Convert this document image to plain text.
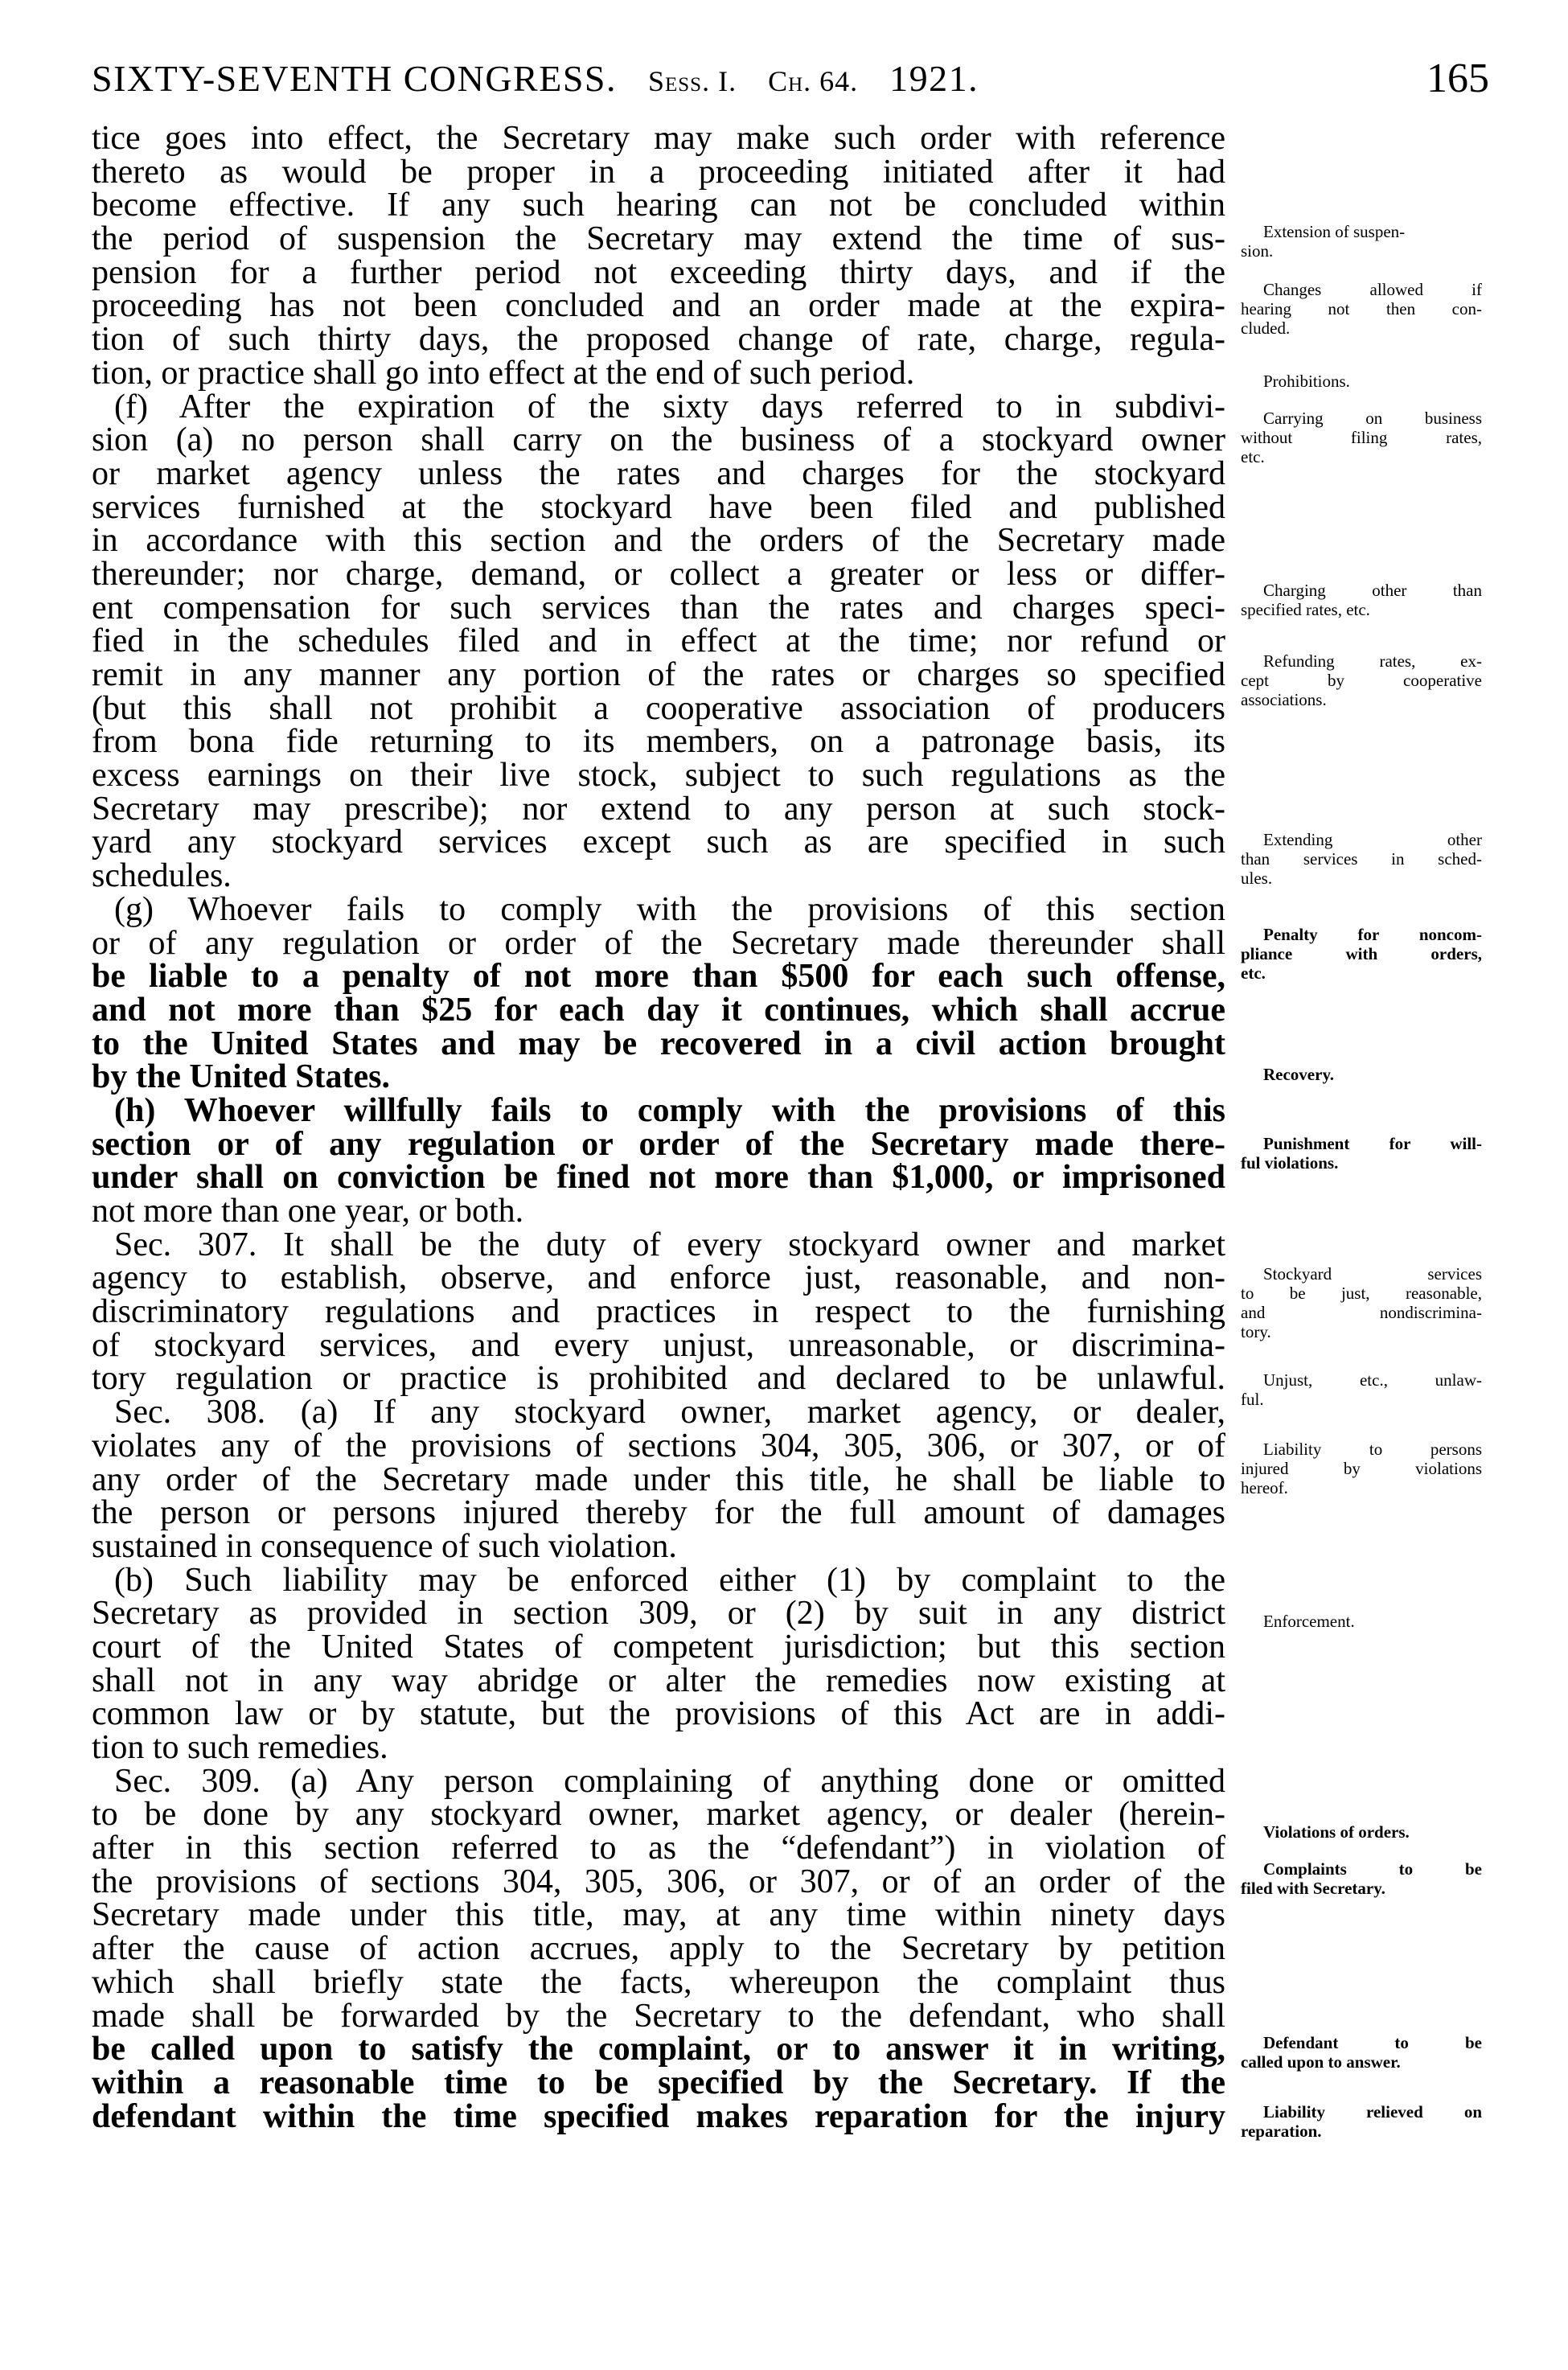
SIXTY-SEVENTH CONGRESS. Sess. I. Ch. 64. 1921.	165
tice goes into effect, the Secretary may make such order with reference
thereto as would be proper in a proceeding initiated after it had
become effective. If any such hearing can not be concluded within
the period of suspension the Secretary may extend the time of sus-
pension for a further period not exceeding thirty days, and if the
proceeding has not been concluded and an order made at the expira-
tion of such thirty days, the proposed change of rate, charge, regula-
tion, or practice shall go into effect at the end of such period.
(f) After the expiration of the sixty days referred to in subdivi-
sion (a) no person shall carry on the business of a stockyard owner
or market agency unless the rates and charges for the stockyard
services furnished at the stockyard have been filed and published
in accordance with this section and the orders of the Secretary made
thereunder; nor charge, demand, or collect a greater or less or differ-
ent compensation for such services than the rates and charges speci-
fied in the schedules filed and in effect at the time; nor refund or
remit in any manner any portion of the rates or charges so specified
(but this shall not prohibit a cooperative association of producers
from bona fide returning to its members, on a patronage basis, its
excess earnings on their live stock, subject to such regulations as the
Secretary may prescribe); nor extend to any person at such stock-
yard any stockyard services except such as are specified in such
schedules.
(g) Whoever fails to comply with the provisions of this section
or of any regulation or order of the Secretary made thereunder shall
be liable to a penalty of not more than $500 for each such offense,
and not more than $25 for each day it continues, which shall accrue
to the United States and may be recovered in a civil action brought
by the United States.
(h) Whoever willfully fails to comply with the provisions of this
section or of any regulation or order of the Secretary made there-
under shall on conviction be fined not more than $1,000, or imprisoned
not more than one year, or both.
Sec. 307. It shall be the duty of every stockyard owner and market
agency to establish, observe, and enforce just, reasonable, and non-
discriminatory regulations and practices in respect to the furnishing
of stockyard services, and every unjust, unreasonable, or discrimina-
tory regulation or practice is prohibited and declared to be unlawful.
Sec. 308. (a) If any stockyard owner, market agency, or dealer,
violates any of the provisions of sections 304, 305, 306, or 307, or of
any order of the Secretary made under this title, he shall be liable to
the person or persons injured thereby for the full amount of damages
sustained in consequence of such violation.
(b) Such liability may be enforced either (1) by complaint to the
Secretary as provided in section 309, or (2) by suit in any district
court of the United States of competent jurisdiction; but this section
shall not in any way abridge or alter the remedies now existing at
common law or by statute, but the provisions of this Act are in addi-
tion to such remedies.
Sec. 309. (a) Any person complaining of anything done or omitted
to be done by any stockyard owner, market agency, or dealer (herein-
after in this section referred to as the “defendant”) in violation of
the provisions of sections 304, 305, 306, or 307, or of an order of the
Secretary made under this title, may, at any time within ninety days
after the cause of action accrues, apply to the Secretary by petition
which shall briefly state the facts, whereupon the complaint thus
made shall be forwarded by the Secretary to the defendant, who shall
be called upon to satisfy the complaint, or to answer it in writing,
within a reasonable time to be specified by the Secretary. If the
defendant within the time specified makes reparation for the injury
Extension of suspen-
sion.
Changes allowed if
hearing not then con-
cluded.
Prohibitions.
Carrying on business
without filing rates,
etc.
Charging other than
specified rates, etc.
Refunding rates, ex-
cept by cooperative
associations.
Extending other
than services in sched-
ules.
Penalty for noncom-
pliance with orders,
etc.
Recovery.
Punishment for will-
ful violations.
Stockyard services
to be just, reasonable,
and nondiscrimina-
tory.
Unjust, etc., unlaw-
ful.
Liability to persons
injured by violations
hereof.
Enforcement.
Violations of orders.
Complaints to be
filed with Secretary.
Defendant to be
called upon to answer.
Liability relieved on
reparation.
